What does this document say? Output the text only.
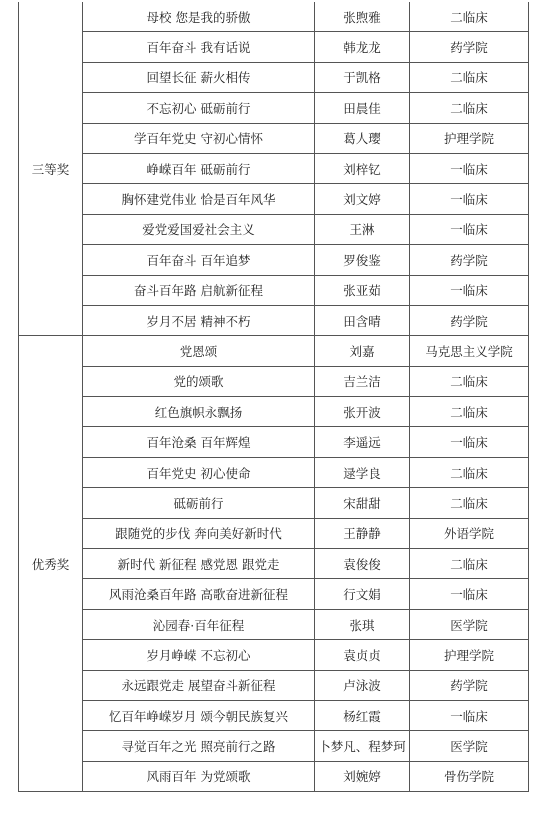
三等奖	母校 您是我的骄傲	张煦雅	二临床
	百年奋斗 我有话说	韩龙龙	药学院
	回望长征 薪火相传	于凯格	二临床
	不忘初心 砥砺前行	田晨佳	二临床
	学百年党史 守初心情怀	葛人璎	护理学院
	峥嵘百年 砥砺前行	刘梓钇	一临床
	胸怀建党伟业 恰是百年风华	刘文婷	一临床
	爱党爱国爱社会主义	王淋	一临床
	百年奋斗 百年追梦	罗俊鉴	药学院
	奋斗百年路 启航新征程	张亚茹	一临床
	岁月不居 精神不朽	田含晴	药学院
优秀奖	党恩颂	刘嘉	马克思主义学院
	党的颂歌	吉兰洁	二临床
	红色旗帜永飘扬	张开波	二临床
	百年沧桑 百年辉煌	李遥远	一临床
	百年党史 初心使命	逯学良	二临床
	砥砺前行	宋甜甜	二临床
	跟随党的步伐 奔向美好新时代	王静静	外语学院
	新时代 新征程 感党恩 跟党走	袁俊俊	二临床
	风雨沧桑百年路 高歌奋进新征程	行文娟	一临床
	沁园春·百年征程	张琪	医学院
	岁月峥嵘 不忘初心	袁贞贞	护理学院
	永远跟党走 展望奋斗新征程	卢泳波	药学院
	忆百年峥嵘岁月 颂今朝民族复兴	杨红霞	一临床
	寻觉百年之光 照亮前行之路	卜梦凡、程梦珂	医学院
	风雨百年 为党颂歌	刘婉婷	骨伤学院
